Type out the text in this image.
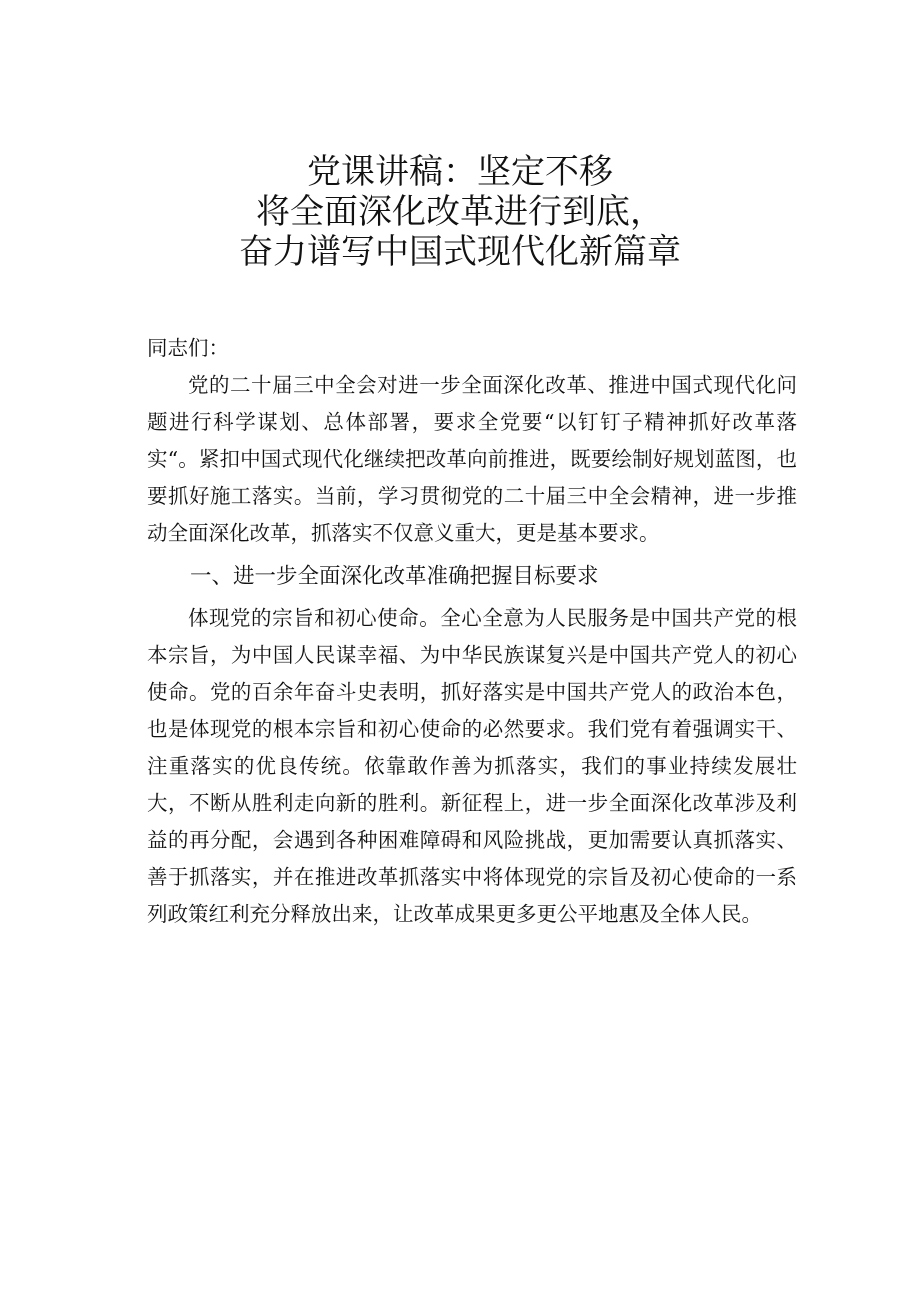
党课讲稿：坚定不移
将全面深化改革进行到底，
奋力谱写中国式现代化新篇章

同志们：

党的二十届三中全会对进一步全面深化改革、推进中国式现代化问题进行科学谋划、总体部署，要求全党要“以钉钉子精神抓好改革落实“。紧扣中国式现代化继续把改革向前推进，既要绘制好规划蓝图，也要抓好施工落实。当前，学习贯彻党的二十届三中全会精神，进一步推动全面深化改革，抓落实不仅意义重大，更是基本要求。

一、进一步全面深化改革准确把握目标要求

体现党的宗旨和初心使命。全心全意为人民服务是中国共产党的根本宗旨，为中国人民谋幸福、为中华民族谋复兴是中国共产党人的初心使命。党的百余年奋斗史表明，抓好落实是中国共产党人的政治本色，也是体现党的根本宗旨和初心使命的必然要求。我们党有着强调实干、注重落实的优良传统。依靠敢作善为抓落实，我们的事业持续发展壮大，不断从胜利走向新的胜利。新征程上，进一步全面深化改革涉及利益的再分配，会遇到各种困难障碍和风险挑战，更加需要认真抓落实、善于抓落实，并在推进改革抓落实中将体现党的宗旨及初心使命的一系列政策红利充分释放出来，让改革成果更多更公平地惠及全体人民。
